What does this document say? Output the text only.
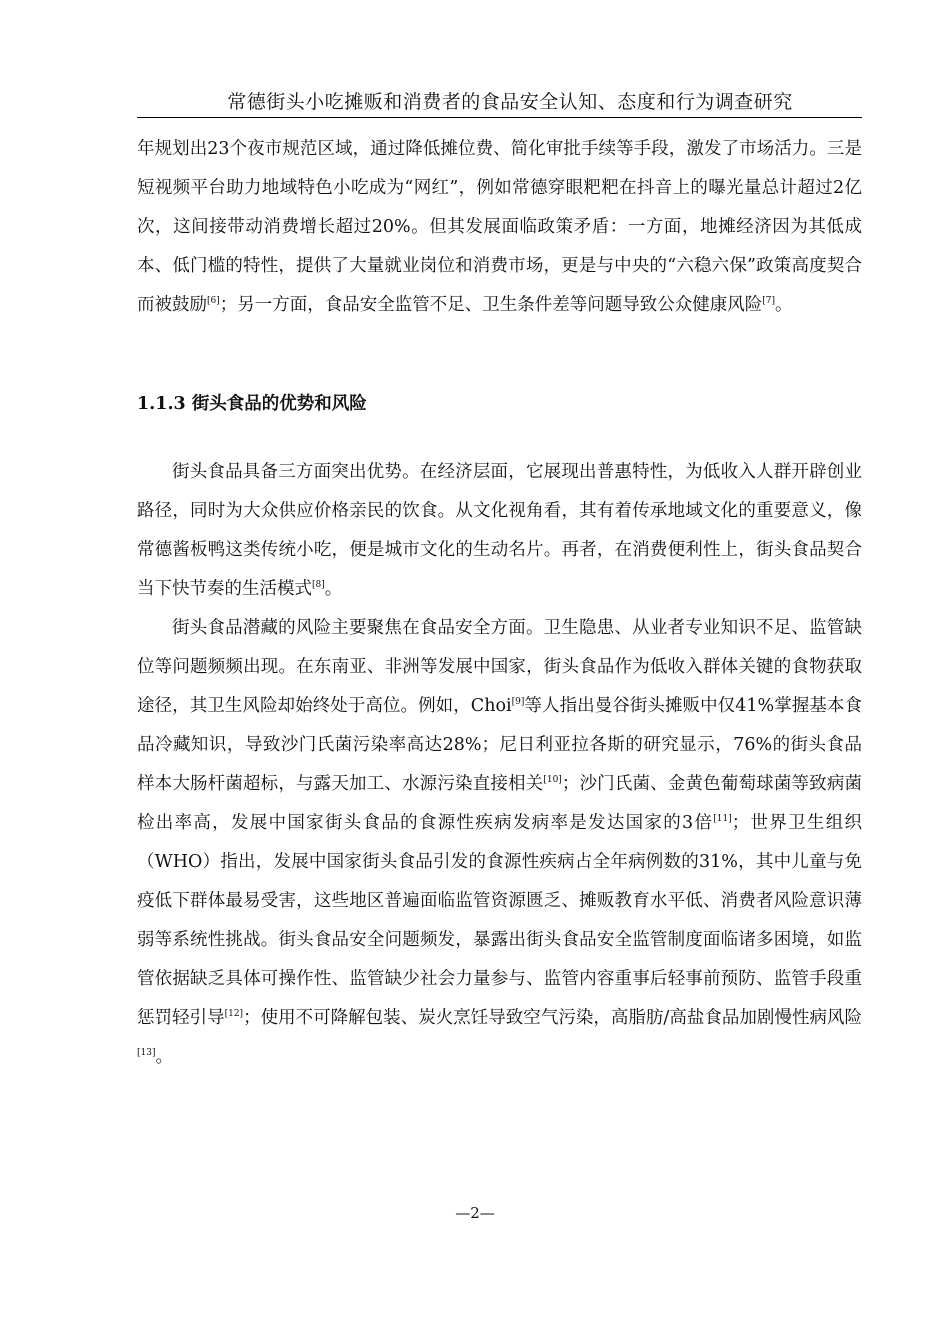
常德街头小吃摊贩和消费者的食品安全认知、态度和行为调查研究

年规划出23个夜市规范区域，通过降低摊位费、简化审批手续等手段，激发了市场活力。三是短视频平台助力地域特色小吃成为“网红”，例如常德穿眼粑粑在抖音上的曝光量总计超过2亿次，这间接带动消费增长超过20%。但其发展面临政策矛盾：一方面，地摊经济因为其低成本、低门槛的特性，提供了大量就业岗位和消费市场，更是与中央的“六稳六保”政策高度契合而被鼓励[6]；另一方面，食品安全监管不足、卫生条件差等问题导致公众健康风险[7]。

1.1.3 街头食品的优势和风险

街头食品具备三方面突出优势。在经济层面，它展现出普惠特性，为低收入人群开辟创业路径，同时为大众供应价格亲民的饮食。从文化视角看，其有着传承地域文化的重要意义，像常德酱板鸭这类传统小吃，便是城市文化的生动名片。再者，在消费便利性上，街头食品契合当下快节奏的生活模式[8]。

街头食品潜藏的风险主要聚焦在食品安全方面。卫生隐患、从业者专业知识不足、监管缺位等问题频频出现。在东南亚、非洲等发展中国家，街头食品作为低收入群体关键的食物获取途径，其卫生风险却始终处于高位。例如，Choi[9]等人指出曼谷街头摊贩中仅41%掌握基本食品冷藏知识，导致沙门氏菌污染率高达28%；尼日利亚拉各斯的研究显示，76%的街头食品样本大肠杆菌超标，与露天加工、水源污染直接相关[10]；沙门氏菌、金黄色葡萄球菌等致病菌检出率高，发展中国家街头食品的食源性疾病发病率是发达国家的3倍[11]；世界卫生组织（WHO）指出，发展中国家街头食品引发的食源性疾病占全年病例数的31%，其中儿童与免疫低下群体最易受害，这些地区普遍面临监管资源匮乏、摊贩教育水平低、消费者风险意识薄弱等系统性挑战。街头食品安全问题频发，暴露出街头食品安全监管制度面临诸多困境，如监管依据缺乏具体可操作性、监管缺少社会力量参与、监管内容重事后轻事前预防、监管手段重惩罚轻引导[12]；使用不可降解包装、炭火烹饪导致空气污染，高脂肪/高盐食品加剧慢性病风险[13]。

—2—
